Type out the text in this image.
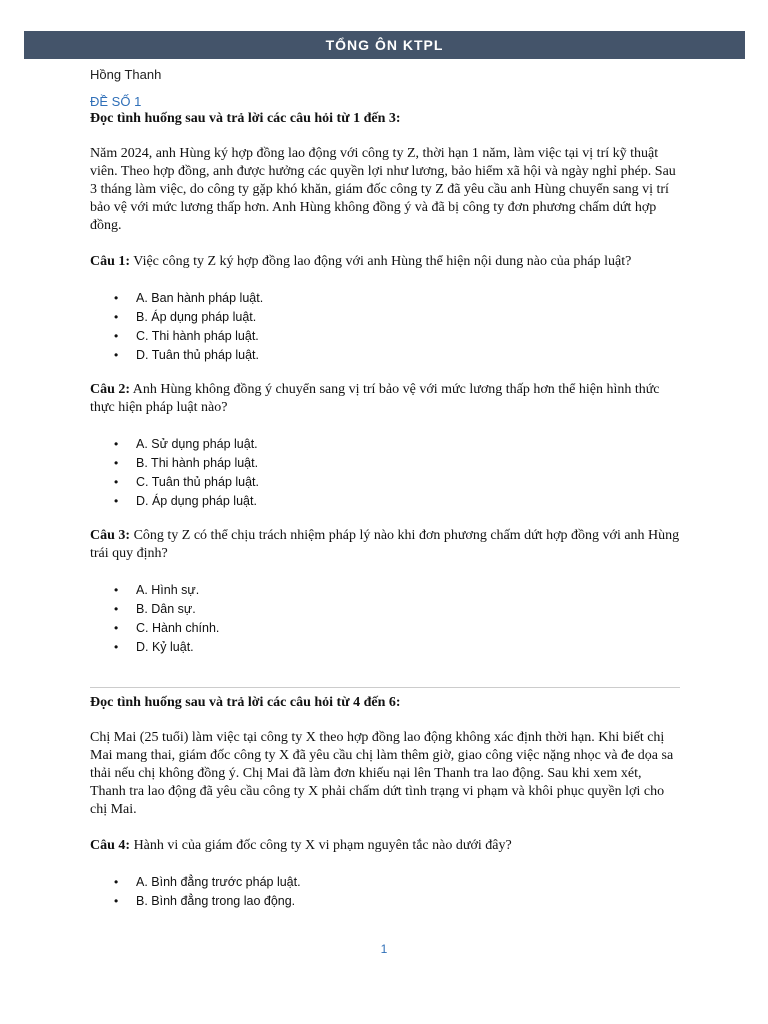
TỔNG ÔN KTPL

Hồng Thanh

ĐỀ SỐ 1

Đọc tình huống sau và trả lời các câu hỏi từ 1 đến 3:

Năm 2024, anh Hùng ký hợp đồng lao động với công ty Z, thời hạn 1 năm, làm việc tại vị trí kỹ thuật viên. Theo hợp đồng, anh được hưởng các quyền lợi như lương, bảo hiểm xã hội và ngày nghỉ phép. Sau 3 tháng làm việc, do công ty gặp khó khăn, giám đốc công ty Z đã yêu cầu anh Hùng chuyển sang vị trí bảo vệ với mức lương thấp hơn. Anh Hùng không đồng ý và đã bị công ty đơn phương chấm dứt hợp đồng.

Câu 1: Việc công ty Z ký hợp đồng lao động với anh Hùng thể hiện nội dung nào của pháp luật?

• A. Ban hành pháp luật.
• B. Áp dụng pháp luật.
• C. Thi hành pháp luật.
• D. Tuân thủ pháp luật.

Câu 2: Anh Hùng không đồng ý chuyển sang vị trí bảo vệ với mức lương thấp hơn thể hiện hình thức thực hiện pháp luật nào?

• A. Sử dụng pháp luật.
• B. Thi hành pháp luật.
• C. Tuân thủ pháp luật.
• D. Áp dụng pháp luật.

Câu 3: Công ty Z có thể chịu trách nhiệm pháp lý nào khi đơn phương chấm dứt hợp đồng với anh Hùng trái quy định?

• A. Hình sự.
• B. Dân sự.
• C. Hành chính.
• D. Kỷ luật.

Đọc tình huống sau và trả lời các câu hỏi từ 4 đến 6:

Chị Mai (25 tuổi) làm việc tại công ty X theo hợp đồng lao động không xác định thời hạn. Khi biết chị Mai mang thai, giám đốc công ty X đã yêu cầu chị làm thêm giờ, giao công việc nặng nhọc và đe dọa sa thải nếu chị không đồng ý. Chị Mai đã làm đơn khiếu nại lên Thanh tra lao động. Sau khi xem xét, Thanh tra lao động đã yêu cầu công ty X phải chấm dứt tình trạng vi phạm và khôi phục quyền lợi cho chị Mai.

Câu 4: Hành vi của giám đốc công ty X vi phạm nguyên tắc nào dưới đây?

• A. Bình đẳng trước pháp luật.
• B. Bình đẳng trong lao động.
1
